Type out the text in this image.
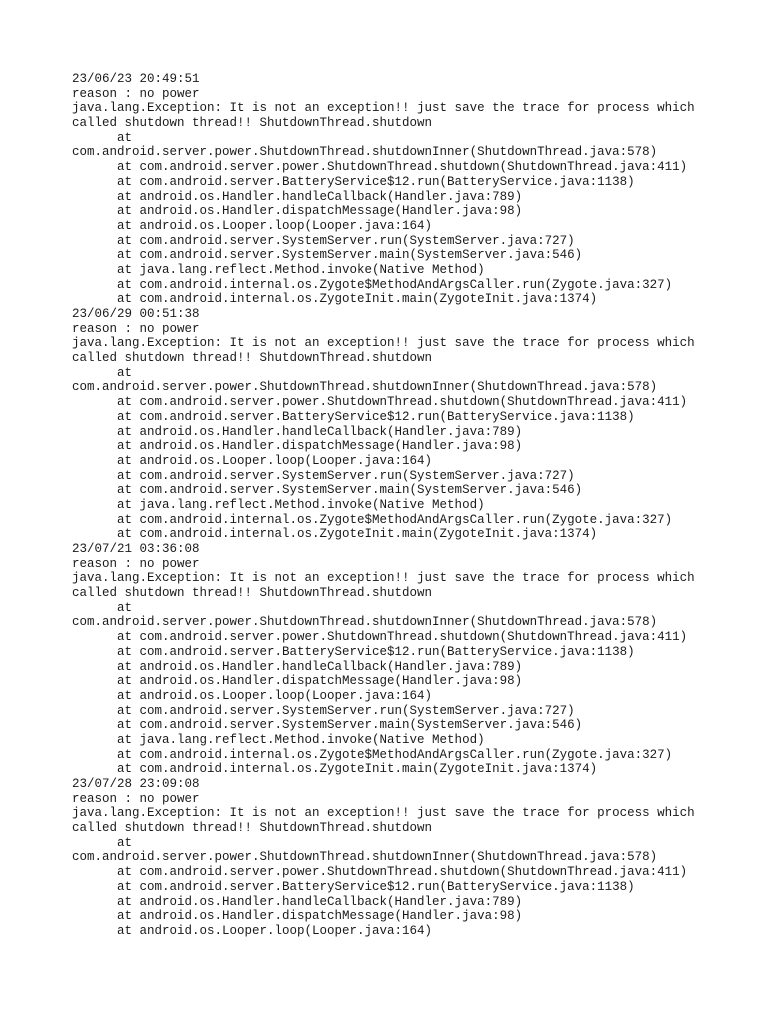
23/06/23 20:49:51
reason : no power
java.lang.Exception: It is not an exception!! just save the trace for process which
called shutdown thread!! ShutdownThread.shutdown
at
com.android.server.power.ShutdownThread.shutdownInner(ShutdownThread.java:578)
at com.android.server.power.ShutdownThread.shutdown(ShutdownThread.java:411)
at com.android.server.BatteryService$12.run(BatteryService.java:1138)
at android.os.Handler.handleCallback(Handler.java:789)
at android.os.Handler.dispatchMessage(Handler.java:98)
at android.os.Looper.loop(Looper.java:164)
at com.android.server.SystemServer.run(SystemServer.java:727)
at com.android.server.SystemServer.main(SystemServer.java:546)
at java.lang.reflect.Method.invoke(Native Method)
at com.android.internal.os.Zygote$MethodAndArgsCaller.run(Zygote.java:327)
at com.android.internal.os.ZygoteInit.main(ZygoteInit.java:1374)
23/06/29 00:51:38
reason : no power
java.lang.Exception: It is not an exception!! just save the trace for process which
called shutdown thread!! ShutdownThread.shutdown
at
com.android.server.power.ShutdownThread.shutdownInner(ShutdownThread.java:578)
at com.android.server.power.ShutdownThread.shutdown(ShutdownThread.java:411)
at com.android.server.BatteryService$12.run(BatteryService.java:1138)
at android.os.Handler.handleCallback(Handler.java:789)
at android.os.Handler.dispatchMessage(Handler.java:98)
at android.os.Looper.loop(Looper.java:164)
at com.android.server.SystemServer.run(SystemServer.java:727)
at com.android.server.SystemServer.main(SystemServer.java:546)
at java.lang.reflect.Method.invoke(Native Method)
at com.android.internal.os.Zygote$MethodAndArgsCaller.run(Zygote.java:327)
at com.android.internal.os.ZygoteInit.main(ZygoteInit.java:1374)
23/07/21 03:36:08
reason : no power
java.lang.Exception: It is not an exception!! just save the trace for process which
called shutdown thread!! ShutdownThread.shutdown
at
com.android.server.power.ShutdownThread.shutdownInner(ShutdownThread.java:578)
at com.android.server.power.ShutdownThread.shutdown(ShutdownThread.java:411)
at com.android.server.BatteryService$12.run(BatteryService.java:1138)
at android.os.Handler.handleCallback(Handler.java:789)
at android.os.Handler.dispatchMessage(Handler.java:98)
at android.os.Looper.loop(Looper.java:164)
at com.android.server.SystemServer.run(SystemServer.java:727)
at com.android.server.SystemServer.main(SystemServer.java:546)
at java.lang.reflect.Method.invoke(Native Method)
at com.android.internal.os.Zygote$MethodAndArgsCaller.run(Zygote.java:327)
at com.android.internal.os.ZygoteInit.main(ZygoteInit.java:1374)
23/07/28 23:09:08
reason : no power
java.lang.Exception: It is not an exception!! just save the trace for process which
called shutdown thread!! ShutdownThread.shutdown
at
com.android.server.power.ShutdownThread.shutdownInner(ShutdownThread.java:578)
at com.android.server.power.ShutdownThread.shutdown(ShutdownThread.java:411)
at com.android.server.BatteryService$12.run(BatteryService.java:1138)
at android.os.Handler.handleCallback(Handler.java:789)
at android.os.Handler.dispatchMessage(Handler.java:98)
at android.os.Looper.loop(Looper.java:164)
